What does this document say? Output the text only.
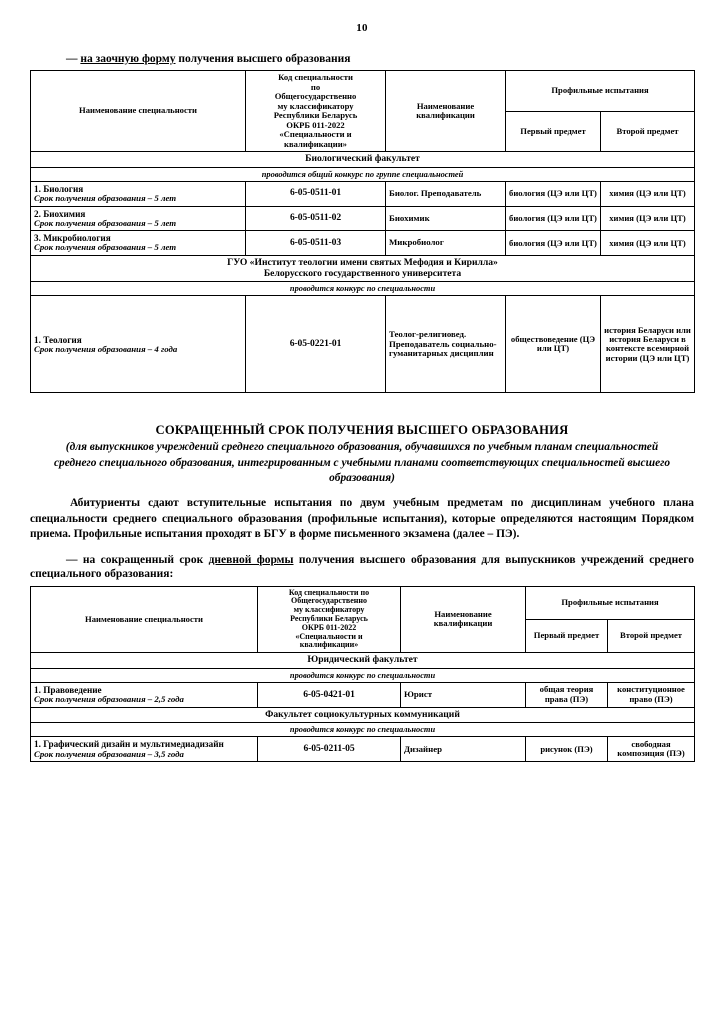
10

— на заочную форму получения высшего образования

Наименование специальности	Код специальности
по
Общегосударственно
му классификатору
Республики Беларусь
ОКРБ 011-2022
«Специальности и
квалификации»	Наименование квалификации	Профильные испытания
			Первый предмет	Второй предмет
Биологический факультет				
проводится общий конкурс по группе специальностей				
1. Биология
Срок получения образования – 5 лет	6-05-0511-01	Биолог. Преподаватель	биология (ЦЭ или ЦТ)	химия (ЦЭ или ЦТ)
2. Биохимия
Срок получения образования – 5 лет	6-05-0511-02	Биохимик	биология (ЦЭ или ЦТ)	химия (ЦЭ или ЦТ)
3. Микробиология
Срок получения образования – 5 лет	6-05-0511-03	Микробиолог	биология (ЦЭ или ЦТ)	химия (ЦЭ или ЦТ)
ГУО «Институт теологии имени святых Мефодия и Кирилла»
Белорусского государственного университета				
проводится конкурс по специальности				
1. Теология
Срок получения образования – 4 года	6-05-0221-01	Теолог-религиовед. Преподаватель социально-гуманитарных дисциплин	обществоведение (ЦЭ или ЦТ)	история Беларуси или история Беларуси в контексте всемирной истории (ЦЭ или ЦТ)
СОКРАЩЕННЫЙ СРОК ПОЛУЧЕНИЯ ВЫСШЕГО ОБРАЗОВАНИЯ

(для выпускников учреждений среднего специального образования, обучавшихся по учебным планам специальностей среднего специального образования, интегрированным с учебными планами соответствующих специальностей высшего образования)

Абитуриенты сдают вступительные испытания по двум учебным предметам по дисциплинам учебного плана специальности среднего специального образования (профильные испытания), которые определяются настоящим Порядком приема. Профильные испытания проходят в БГУ в форме письменного экзамена (далее – ПЭ).

— на сокращенный срок дневной формы получения высшего образования для выпускников учреждений среднего специального образования:

Наименование специальности	Код специальности по
Общегосударственно
му классификатору
Республики Беларусь
ОКРБ 011-2022
«Специальности и
квалификации»	Наименование квалификации	Профильные испытания
			Первый предмет	Второй предмет
Юридический факультет				
проводится конкурс по специальности				
1. Правоведение
Срок получения образования – 2,5 года	6-05-0421-01	Юрист	общая теория права (ПЭ)	конституционное право (ПЭ)
Факультет социокультурных коммуникаций				
проводится конкурс по специальности				
1. Графический дизайн и мультимедиадизайн
Срок получения образования – 3,5 года	6-05-0211-05	Дизайнер	рисунок (ПЭ)	свободная композиция (ПЭ)
